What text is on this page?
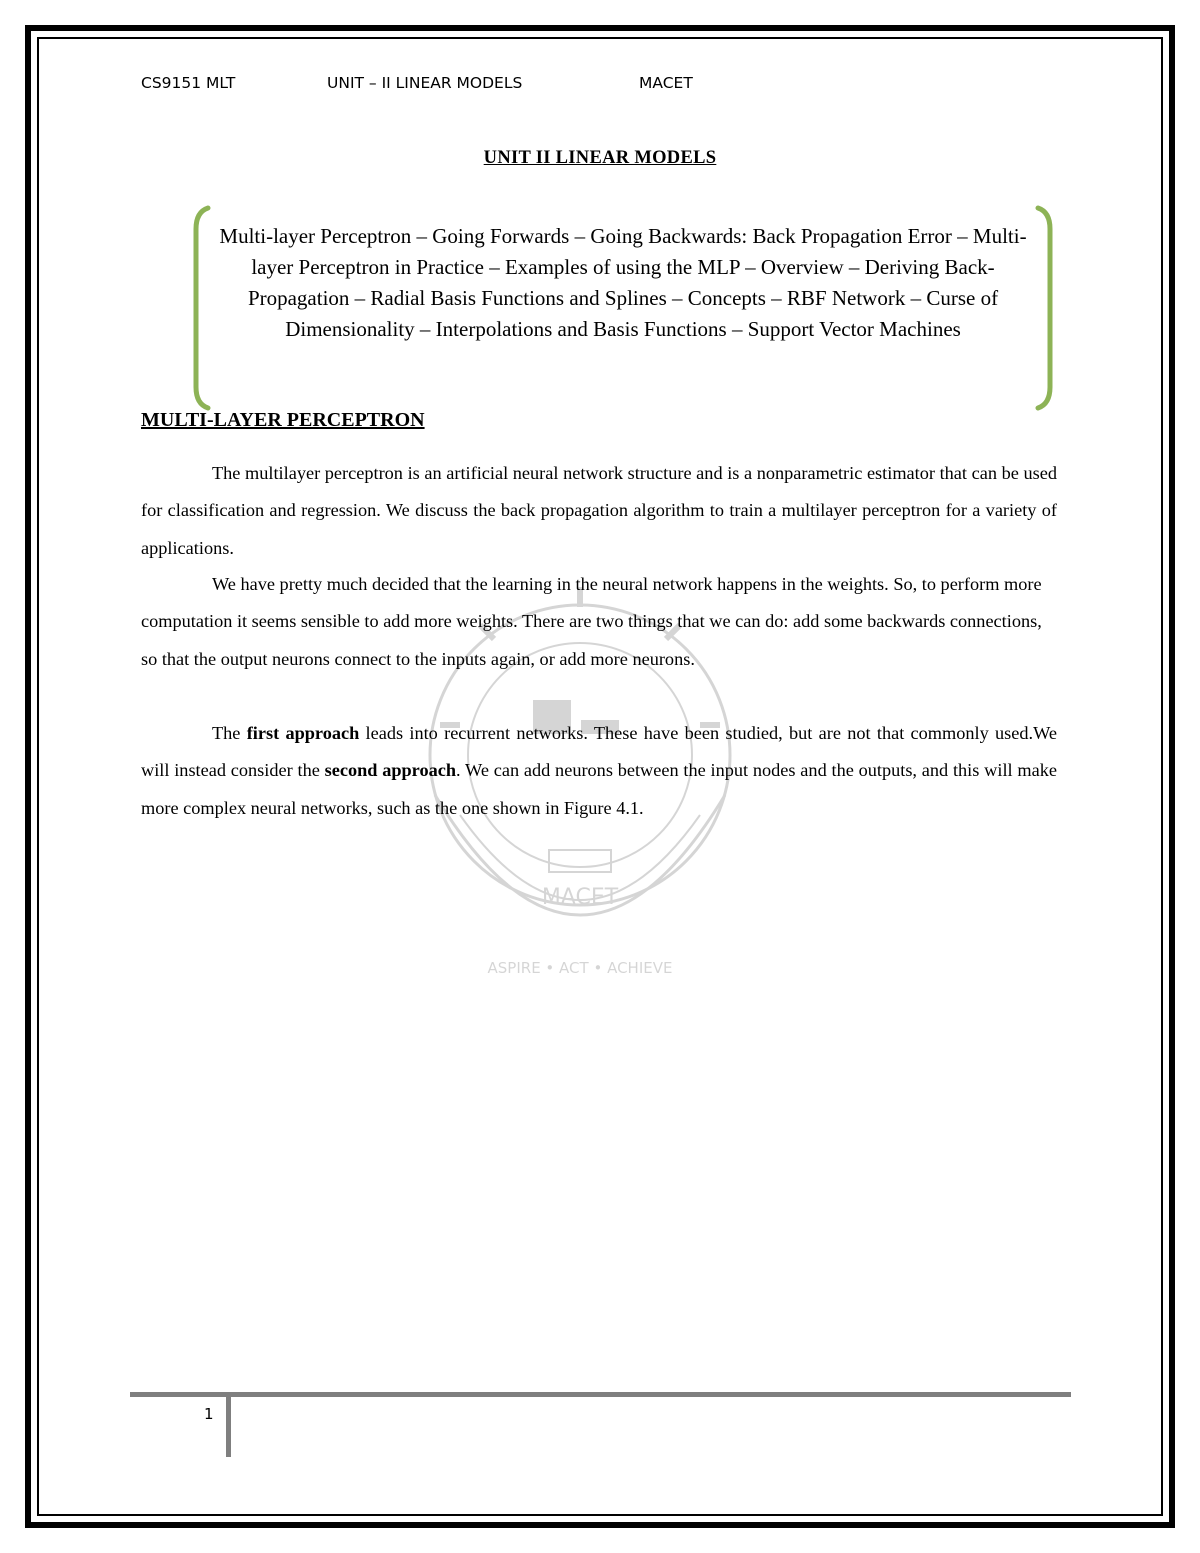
MACET
ASPIRE • ACT • ACHIEVE
CS9151 MLT	UNIT – II LINEAR MODELS	MACET
UNIT II LINEAR MODELS
Multi-layer Perceptron – Going Forwards – Going Backwards: Back Propagation Error – Multi-layer Perceptron in Practice – Examples of using the MLP – Overview – Deriving Back-Propagation – Radial Basis Functions and Splines – Concepts – RBF Network – Curse of Dimensionality – Interpolations and Basis Functions – Support Vector Machines
MULTI-LAYER PERCEPTRON

The multilayer perceptron is an artificial neural network structure and is a nonparametric estimator that can be used for classification and regression. We discuss the back propagation algorithm to train a multilayer perceptron for a variety of applications.

We have pretty much decided that the learning in the neural network happens in the weights. So, to perform more computation it seems sensible to add more weights. There are two things that we can do: add some backwards connections, so that the output neurons connect to the inputs again, or add more neurons.

The first approach leads into recurrent networks. These have been studied, but are not that commonly used.We will instead consider the second approach. We can add neurons between the input nodes and the outputs, and this will make more complex neural networks, such as the one shown in Figure 4.1.

1
